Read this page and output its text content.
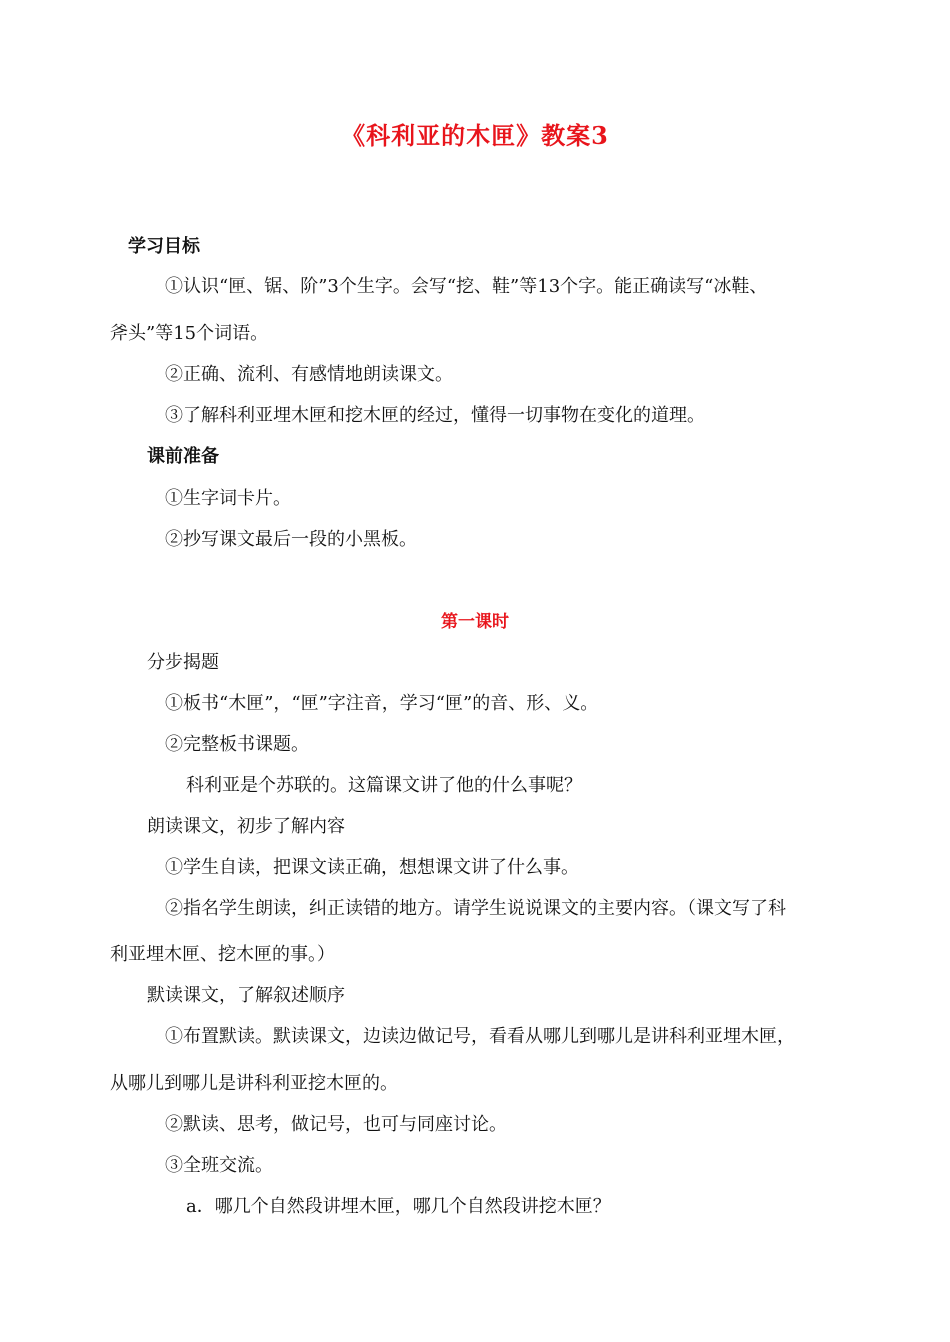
《科利亚的木匣》教案3
学习目标
①认识“匣、锯、阶”3个生字。会写“挖、鞋”等13个字。能正确读写“冰鞋、
斧头”等15个词语。
②正确、流利、有感情地朗读课文。
③了解科利亚埋木匣和挖木匣的经过，懂得一切事物在变化的道理。
课前准备
①生字词卡片。
②抄写课文最后一段的小黑板。
第一课时
分步揭题
①板书“木匣”，“匣”字注音，学习“匣”的音、形、义。
②完整板书课题。
科利亚是个苏联的。这篇课文讲了他的什么事呢？
朗读课文，初步了解内容
①学生自读，把课文读正确，想想课文讲了什么事。
②指名学生朗读，纠正读错的地方。请学生说说课文的主要内容。（课文写了科
利亚埋木匣、挖木匣的事。）
默读课文，了解叙述顺序
①布置默读。默读课文，边读边做记号，看看从哪儿到哪儿是讲科利亚埋木匣，
从哪儿到哪儿是讲科利亚挖木匣的。
②默读、思考，做记号，也可与同座讨论。
③全班交流。
a．哪几个自然段讲埋木匣，哪几个自然段讲挖木匣？
